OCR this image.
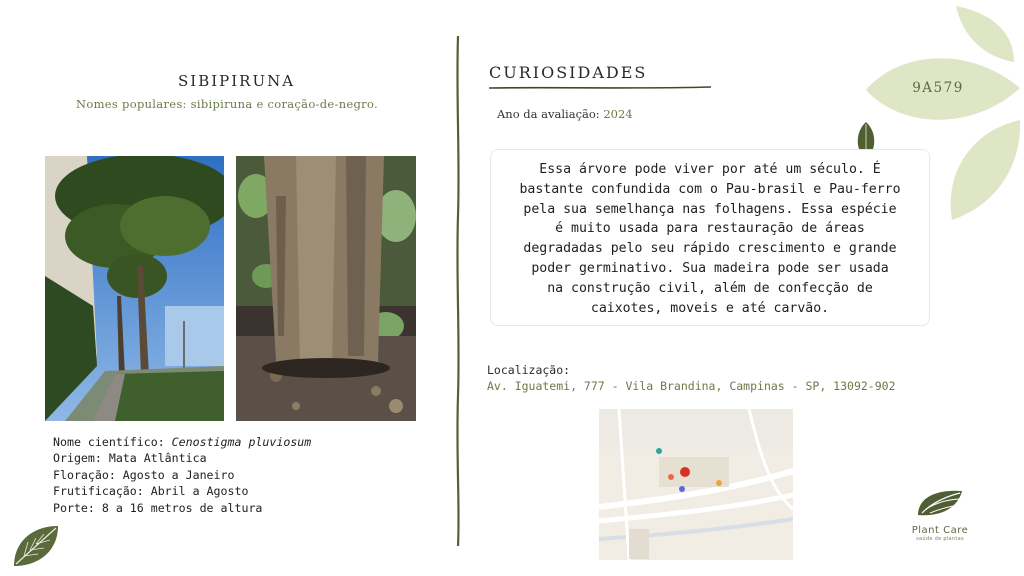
9A579
SIBIPIRUNA
Nomes populares: sibipiruna e coração-de-negro.
Nome científico: Cenostigma pluviosum
Origem: Mata Atlântica
Floração: Agosto a Janeiro
Frutificação: Abril a Agosto
Porte: 8 a 16 metros de altura
CURIOSIDADES
Ano da avaliação: 2024
Essa árvore pode viver por até um século. É
bastante confundida com o Pau-brasil e Pau-ferro
pela sua semelhança nas folhagens. Essa espécie
é muito usada para restauração de áreas
degradadas pelo seu rápido crescimento e grande
poder germinativo. Sua madeira pode ser usada
na construção civil, além de confecção de
caixotes, moveis e até carvão.
Localização:
Av. Iguatemi, 777 - Vila Brandina, Campinas - SP, 13092-902
Plant Care
saúde de plantas
